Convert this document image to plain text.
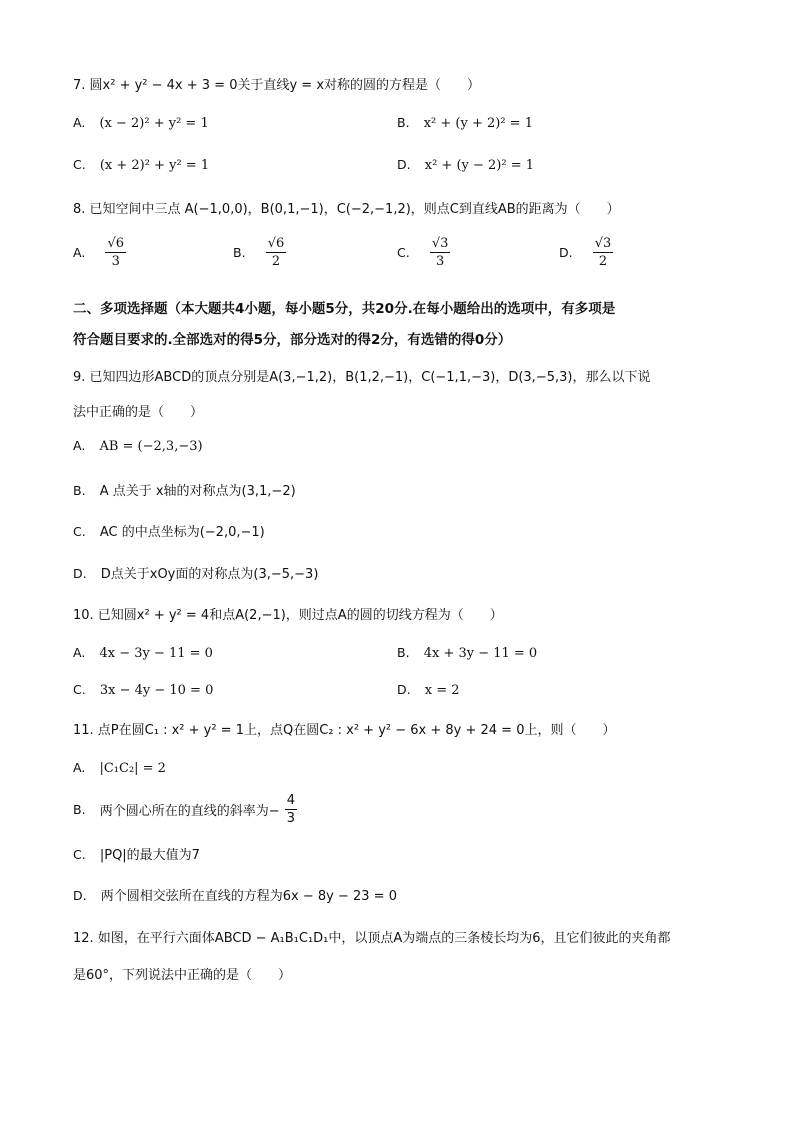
7. 圆x² + y² − 4x + 3 = 0关于直线y = x对称的圆的方程是（　　）
A. (x − 2)² + y² = 1	B. x² + (y + 2)² = 1
C. (x + 2)² + y² = 1	D. x² + (y − 2)² = 1
8. 已知空间中三点 A(−1,0,0)，B(0,1,−1)，C(−2,−1,2)，则点C到直线AB的距离为（　　）
A. $\frac{√6}{3}$	B. $\frac{√6}{2}$	C. $\frac{√3}{3}$	D. $\frac{√3}{2}$
二、多项选择题（本大题共4小题，每小题5分，共20分.在每小题给出的选项中，有多项是
符合题目要求的.全部选对的得5分，部分选对的得2分，有选错的得0分）
9. 已知四边形ABCD的顶点分别是A(3,−1,2)，B(1,2,−1)，C(−1,1,−3)，D(3,−5,3)，那么以下说
法中正确的是（　　）
A. AB = (−2,3,−3)
B. A 点关于 x轴的对称点为(3,1,−2)
C. AC 的中点坐标为(−2,0,−1)
D. D点关于xOy面的对称点为(3,−5,−3)
10. 已知圆x² + y² = 4和点A(2,−1)，则过点A的圆的切线方程为（　　）
A. 4x − 3y − 11 = 0	B. 4x + 3y − 11 = 0
C. 3x − 4y − 10 = 0	D. x = 2
11. 点P在圆C₁ : x² + y² = 1上，点Q在圆C₂ : x² + y² − 6x + 8y + 24 = 0上，则（　　）
A. |C₁C₂| = 2
B. 两个圆心所在的直线的斜率为− $\frac{4}{3}$
C. |PQ|的最大值为7
D. 两个圆相交弦所在直线的方程为6x − 8y − 23 = 0
12. 如图，在平行六面体ABCD − A₁B₁C₁D₁中，以顶点A为端点的三条棱长均为6，且它们彼此的夹角都
是60°，下列说法中正确的是（　　）
